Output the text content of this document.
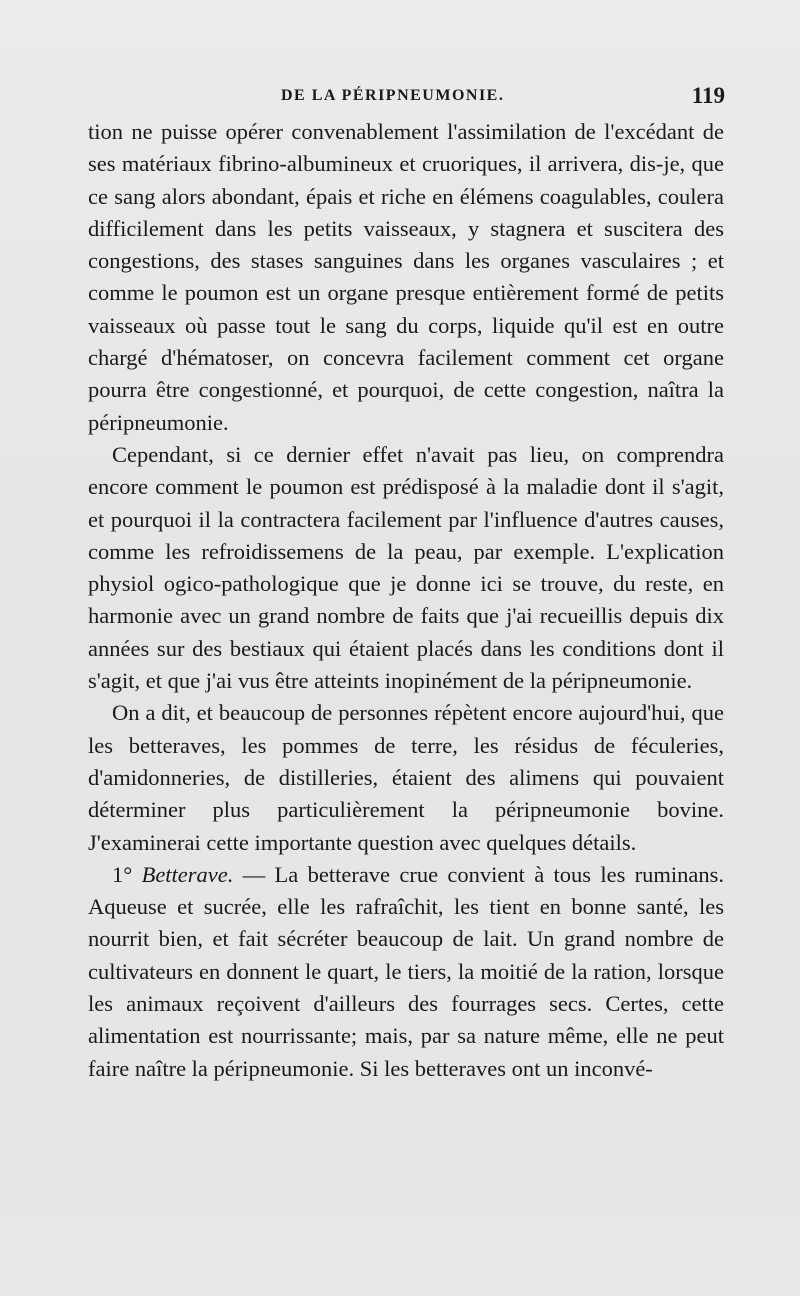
DE LA PÉRIPNEUMONIE.	119

tion ne puisse opérer convenablement l'assimilation de l'excédant de ses matériaux fibrino-albumineux et cruoriques, il arrivera, dis-je, que ce sang alors abondant, épais et riche en élémens coagulables, coulera difficilement dans les petits vaisseaux, y stagnera et suscitera des congestions, des stases sanguines dans les organes vasculaires ; et comme le poumon est un organe presque entièrement formé de petits vaisseaux où passe tout le sang du corps, liquide qu'il est en outre chargé d'hématoser, on concevra facilement comment cet organe pourra être congestionné, et pourquoi, de cette congestion, naîtra la péripneumonie.

Cependant, si ce dernier effet n'avait pas lieu, on comprendra encore comment le poumon est prédisposé à la maladie dont il s'agit, et pourquoi il la contractera facilement par l'influence d'autres causes, comme les refroidissemens de la peau, par exemple. L'explication physiol ogico-pathologique que je donne ici se trouve, du reste, en harmonie avec un grand nombre de faits que j'ai recueillis depuis dix années sur des bestiaux qui étaient placés dans les conditions dont il s'agit, et que j'ai vus être atteints inopinément de la péripneumonie.

On a dit, et beaucoup de personnes répètent encore aujourd'hui, que les betteraves, les pommes de terre, les résidus de féculeries, d'amidonneries, de distilleries, étaient des alimens qui pouvaient déterminer plus particulièrement la péripneumonie bovine. J'examinerai cette importante question avec quelques détails.

1° Betterave. — La betterave crue convient à tous les ruminans. Aqueuse et sucrée, elle les rafraîchit, les tient en bonne santé, les nourrit bien, et fait sécréter beaucoup de lait. Un grand nombre de cultivateurs en donnent le quart, le tiers, la moitié de la ration, lorsque les animaux reçoivent d'ailleurs des fourrages secs. Certes, cette alimentation est nourrissante; mais, par sa nature même, elle ne peut faire naître la péripneumonie. Si les betteraves ont un inconvé-
